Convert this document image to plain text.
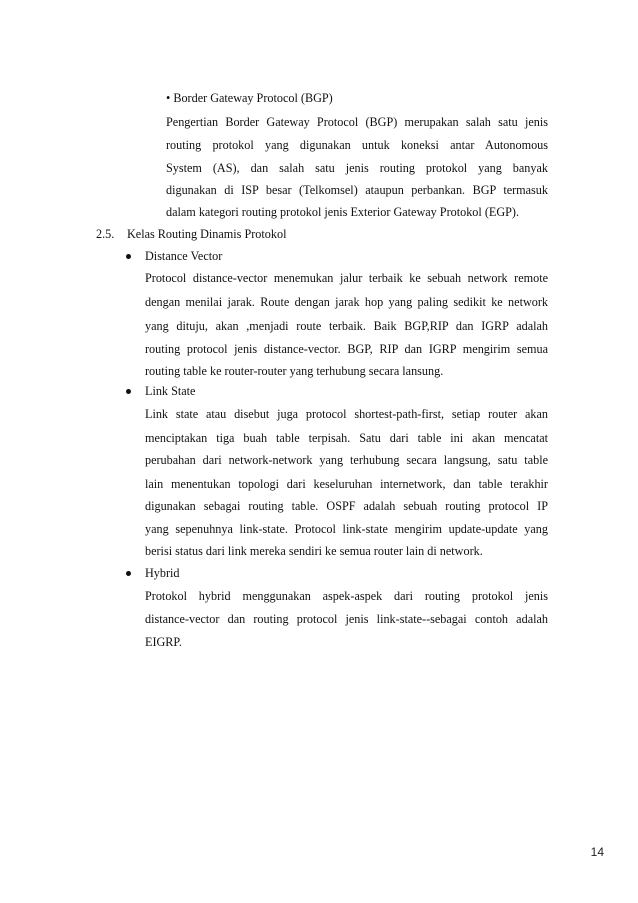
• Border Gateway Protocol (BGP)
Pengertian Border Gateway Protocol (BGP) merupakan salah satu jenis
routing protokol yang digunakan untuk koneksi antar Autonomous
System (AS), dan salah satu jenis routing protokol yang banyak
digunakan di ISP besar (Telkomsel) ataupun perbankan. BGP termasuk
dalam kategori routing protokol jenis Exterior Gateway Protokol (EGP).
2.5. Kelas Routing Dinamis Protokol
Distance Vector
Protocol distance-vector menemukan jalur terbaik ke sebuah network remote
dengan menilai jarak. Route dengan jarak hop yang paling sedikit ke network
yang dituju, akan ,menjadi route terbaik. Baik BGP,RIP dan IGRP adalah
routing protocol jenis distance-vector. BGP, RIP dan IGRP mengirim semua
routing table ke router-router yang terhubung secara lansung.
Link State
Link state atau disebut juga protocol shortest-path-first, setiap router akan
menciptakan tiga buah table terpisah. Satu dari table ini akan mencatat
perubahan dari network-network yang terhubung secara langsung, satu table
lain menentukan topologi dari keseluruhan internetwork, dan table terakhir
digunakan sebagai routing table. OSPF adalah sebuah routing protocol IP
yang sepenuhnya link-state. Protocol link-state mengirim update-update yang
berisi status dari link mereka sendiri ke semua router lain di network.
Hybrid
Protokol hybrid menggunakan aspek-aspek dari routing protokol jenis
distance-vector dan routing protocol jenis link-state--sebagai contoh adalah
EIGRP.
14
